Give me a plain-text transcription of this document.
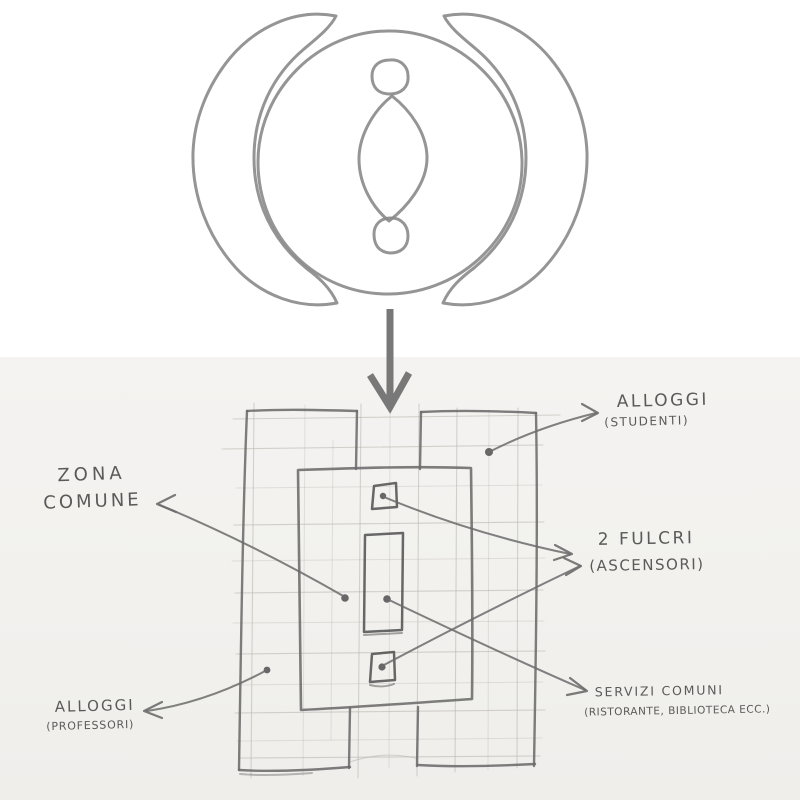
ZONA
COMUNE
ALLOGGI
(STUDENTI)
2 FULCRI
(ASCENSORI)
SERVIZI COMUNI
(RISTORANTE, BIBLIOTECA ECC.)
ALLOGGI
(PROFESSORI)
